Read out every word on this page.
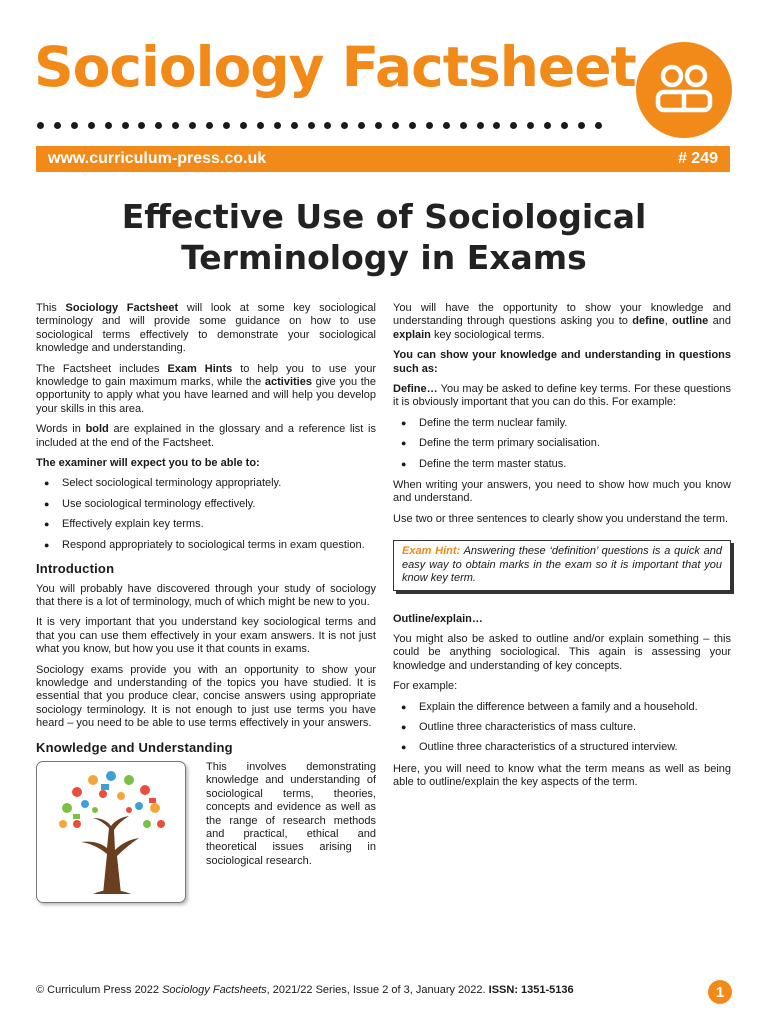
Sociology Factsheet
www.curriculum-press.co.uk	# 249
Effective Use of Sociological
Terminology in Exams

This Sociology Factsheet will look at some key sociological terminology and will provide some guidance on how to use sociological terms effectively to demonstrate your sociological knowledge and understanding.

The Factsheet includes Exam Hints to help you to use your knowledge to gain maximum marks, while the activities give you the opportunity to apply what you have learned and will help you develop your skills in this area.

Words in bold are explained in the glossary and a reference list is included at the end of the Factsheet.

The examiner will expect you to be able to:

● Select sociological terminology appropriately.
● Use sociological terminology effectively.
● Effectively explain key terms.
● Respond appropriately to sociological terms in exam question.
Introduction

You will probably have discovered through your study of sociology that there is a lot of terminology, much of which might be new to you.

It is very important that you understand key sociological terms and that you can use them effectively in your exam answers. It is not just what you know, but how you use it that counts in exams.

Sociology exams provide you with an opportunity to show your knowledge and understanding of the topics you have studied. It is essential that you produce clear, concise answers using appropriate sociology terminology. It is not enough to just use terms you have heard – you need to be able to use terms effectively in your answers.

Knowledge and Understanding

This involves demonstrating knowledge and understanding of sociological terms, theories, concepts and evidence as well as the range of research methods and practical, ethical and theoretical issues arising in sociological research.

You will have the opportunity to show your knowledge and understanding through questions asking you to define, outline and explain key sociological terms.

You can show your knowledge and understanding in questions such as:

Define… You may be asked to define key terms. For these questions it is obviously important that you can do this. For example:

● Define the term nuclear family.
● Define the term primary socialisation.
● Define the term master status.

When writing your answers, you need to show how much you know and understand.

Use two or three sentences to clearly show you understand the term.

Exam Hint: Answering these ‘definition’ questions is a quick and easy way to obtain marks in the exam so it is important that you know key term.

Outline/explain…

You might also be asked to outline and/or explain something – this could be anything sociological. This again is assessing your knowledge and understanding of key concepts.

For example:

● Explain the difference between a family and a household.
● Outline three characteristics of mass culture.
● Outline three characteristics of a structured interview.

Here, you will need to know what the term means as well as being able to outline/explain the key aspects of the term.

© Curriculum Press 2022 Sociology Factsheets, 2021/22 Series, Issue 2 of 3, January 2022. ISSN: 1351-5136	1
